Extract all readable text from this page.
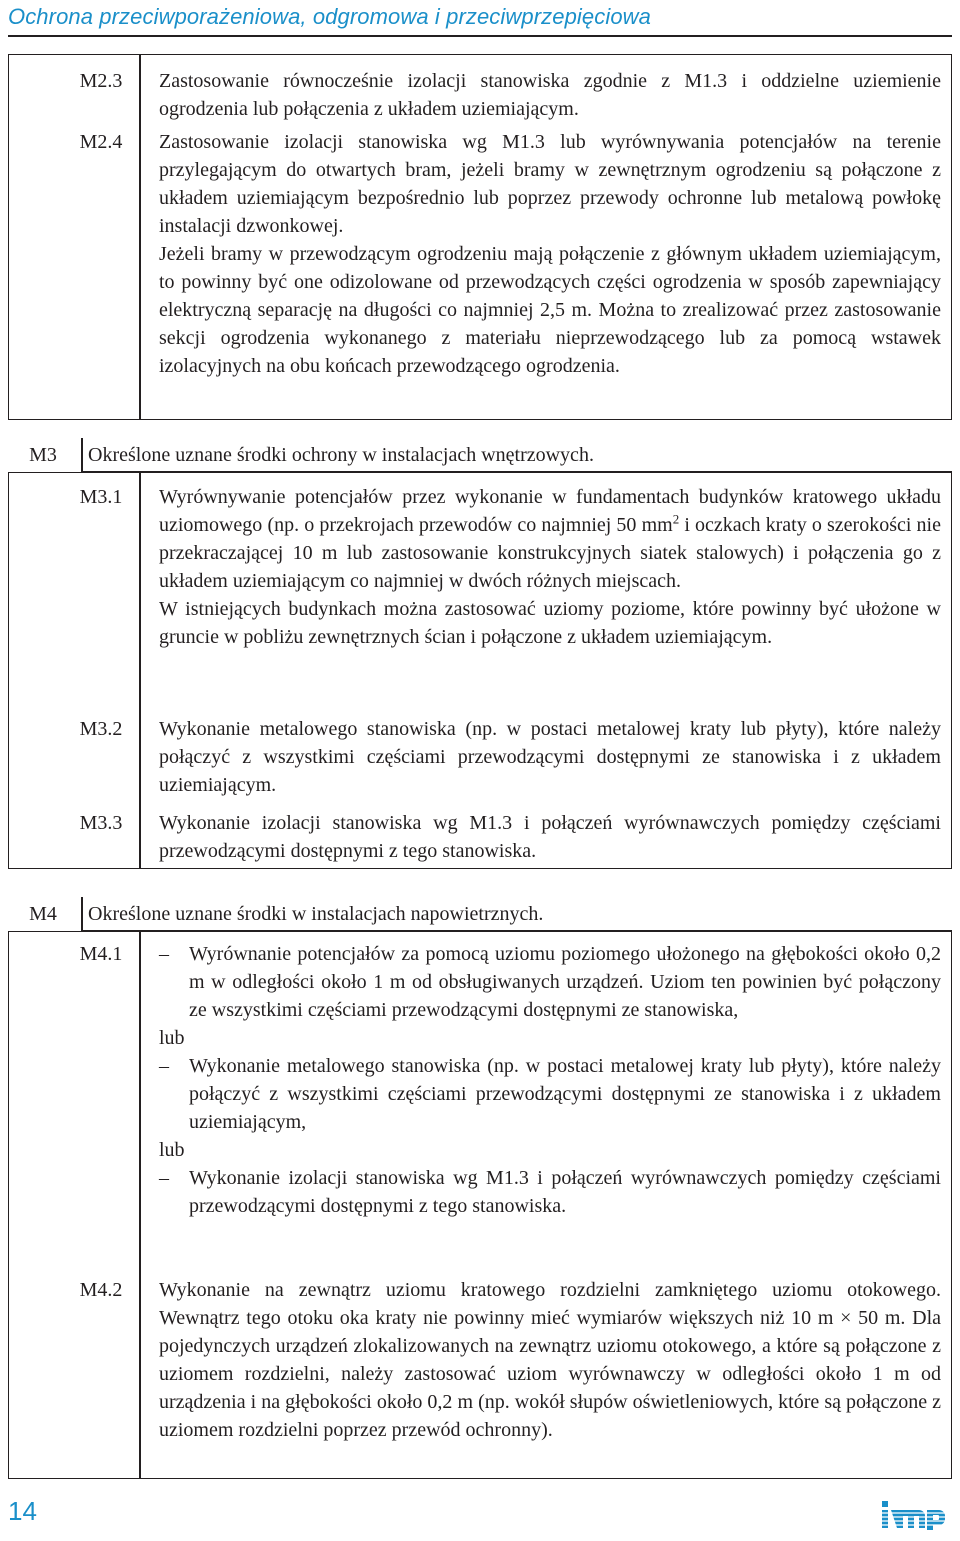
Ochrona przeciwporażeniowa, odgromowa i przeciwprzepięciowa
M2.3	Zastosowanie równocześnie izolacji stanowiska zgodnie z M1.3 i oddzielne uziemienie ogrodzenia lub połączenia z układem uziemiającym.

M2.4	Zastosowanie izolacji stanowiska wg M1.3 lub wyrównywania potencjałów na terenie przylegającym do otwartych bram, jeżeli bramy w zewnętrznym ogrodzeniu są połączone z układem uziemiającym bezpośrednio lub poprzez przewody ochronne lub metalową powłokę instalacji dzwonkowej.

Jeżeli bramy w przewodzącym ogrodzeniu mają połączenie z głównym układem uziemiającym, to powinny być one odizolowane od przewodzących części ogrodzenia w sposób zapewniający elektryczną separację na długości co najmniej 2,5 m. Można to zrealizować przez zastosowanie sekcji ogrodzenia wykonanego z materiału nieprzewodzącego lub za pomocą wstawek izolacyjnych na obu końcach przewodzącego ogrodzenia.

M3	Określone uznane środki ochrony w instalacjach wnętrzowych.
M3.1	Wyrównywanie potencjałów przez wykonanie w fundamentach budynków kratowego układu uziomowego (np. o przekrojach przewodów co najmniej 50 $mm^2$ i oczkach kraty o szerokości nie przekraczającej 10 m lub zastosowanie konstrukcyjnych siatek stalowych) i połączenia go z układem uziemiającym co najmniej w dwóch różnych miejscach.

W istniejących budynkach można zastosować uziomy poziome, które powinny być ułożone w gruncie w pobliżu zewnętrznych ścian i połączone z układem uziemiającym.

M3.2	Wykonanie metalowego stanowiska (np. w postaci metalowej kraty lub płyty), które należy połączyć z wszystkimi częściami przewodzącymi dostępnymi ze stanowiska i z układem uziemiającym.
M3.3	Wykonanie izolacji stanowiska wg M1.3 i połączeń wyrównawczych pomiędzy częściami przewodzącymi dostępnymi z tego stanowiska.
M4	Określone uznane środki w instalacjach napowietrznych.
M4.1	– Wyrównanie potencjałów za pomocą uziomu poziomego ułożonego na głębokości około 0,2 m w odległości około 1 m od obsługiwanych urządzeń. Uziom ten powinien być połączony ze wszystkimi częściami przewodzącymi dostępnymi ze stanowiska,

lub

– Wykonanie metalowego stanowiska (np. w postaci metalowej kraty lub płyty), które należy połączyć z wszystkimi częściami przewodzącymi dostępnymi ze stanowiska i z układem uziemiającym,

lub

– Wykonanie izolacji stanowiska wg M1.3 i połączeń wyrównawczych pomiędzy częściami przewodzącymi dostępnymi z tego stanowiska.

M4.2	Wykonanie na zewnątrz uziomu kratowego rozdzielni zamkniętego uziomu otokowego. Wewnątrz tego otoku oka kraty nie powinny mieć wymiarów większych niż 10 m × 50 m. Dla pojedynczych urządzeń zlokalizowanych na zewnątrz uziomu otokowego, a które są połączone z uziomem rozdzielni, należy zastosować uziom wyrównawczy w odległości około 1 m od urządzenia i na głębokości około 0,2 m (np. wokół słupów oświetleniowych, które są połączone z uziomem rozdzielni poprzez przewód ochronny).
14
